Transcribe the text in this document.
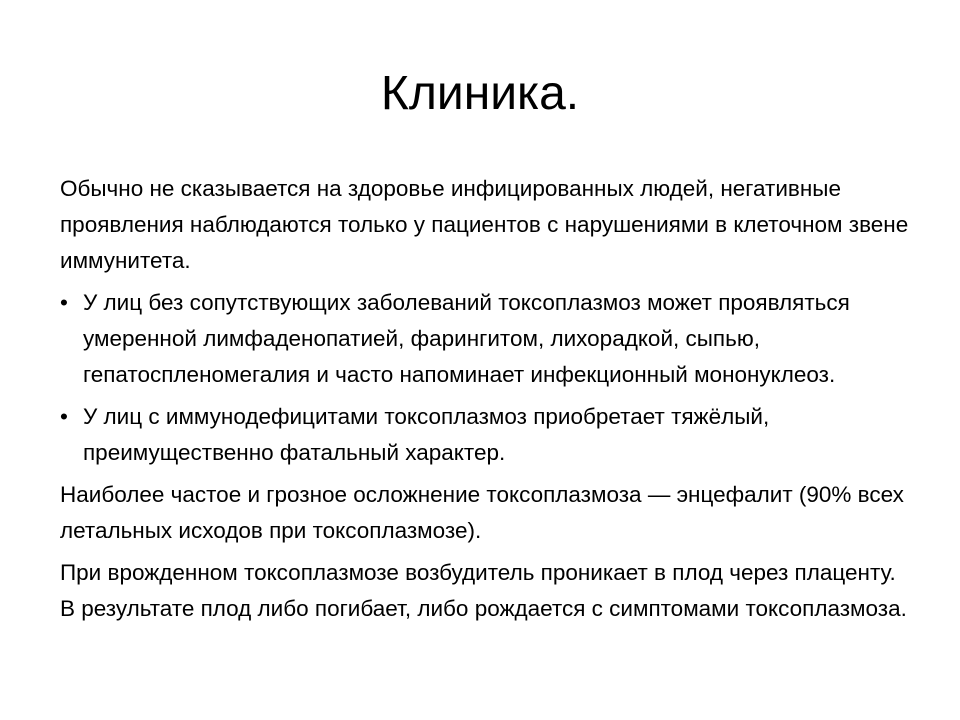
Клиника.

Обычно не сказывается на здоровье инфицированных людей, негативные проявления наблюдаются только у пациентов с нарушениями в клеточном звене иммунитета.

• У лиц без сопутствующих заболеваний токсоплазмоз может проявляться умеренной лимфаденопатией, фарингитом, лихорадкой, сыпью, гепатоспленомегалия и часто напоминает инфекционный мононуклеоз.
• У лиц с иммунодефицитами токсоплазмоз приобретает тяжёлый, преимущественно фатальный характер.

Наиболее частое и грозное осложнение токсоплазмоза — энцефалит (90% всех летальных исходов при токсоплазмозе).

При врожденном токсоплазмозе возбудитель проникает в плод через плаценту. В результате плод либо погибает, либо рождается с симптомами токсоплазмоза.
